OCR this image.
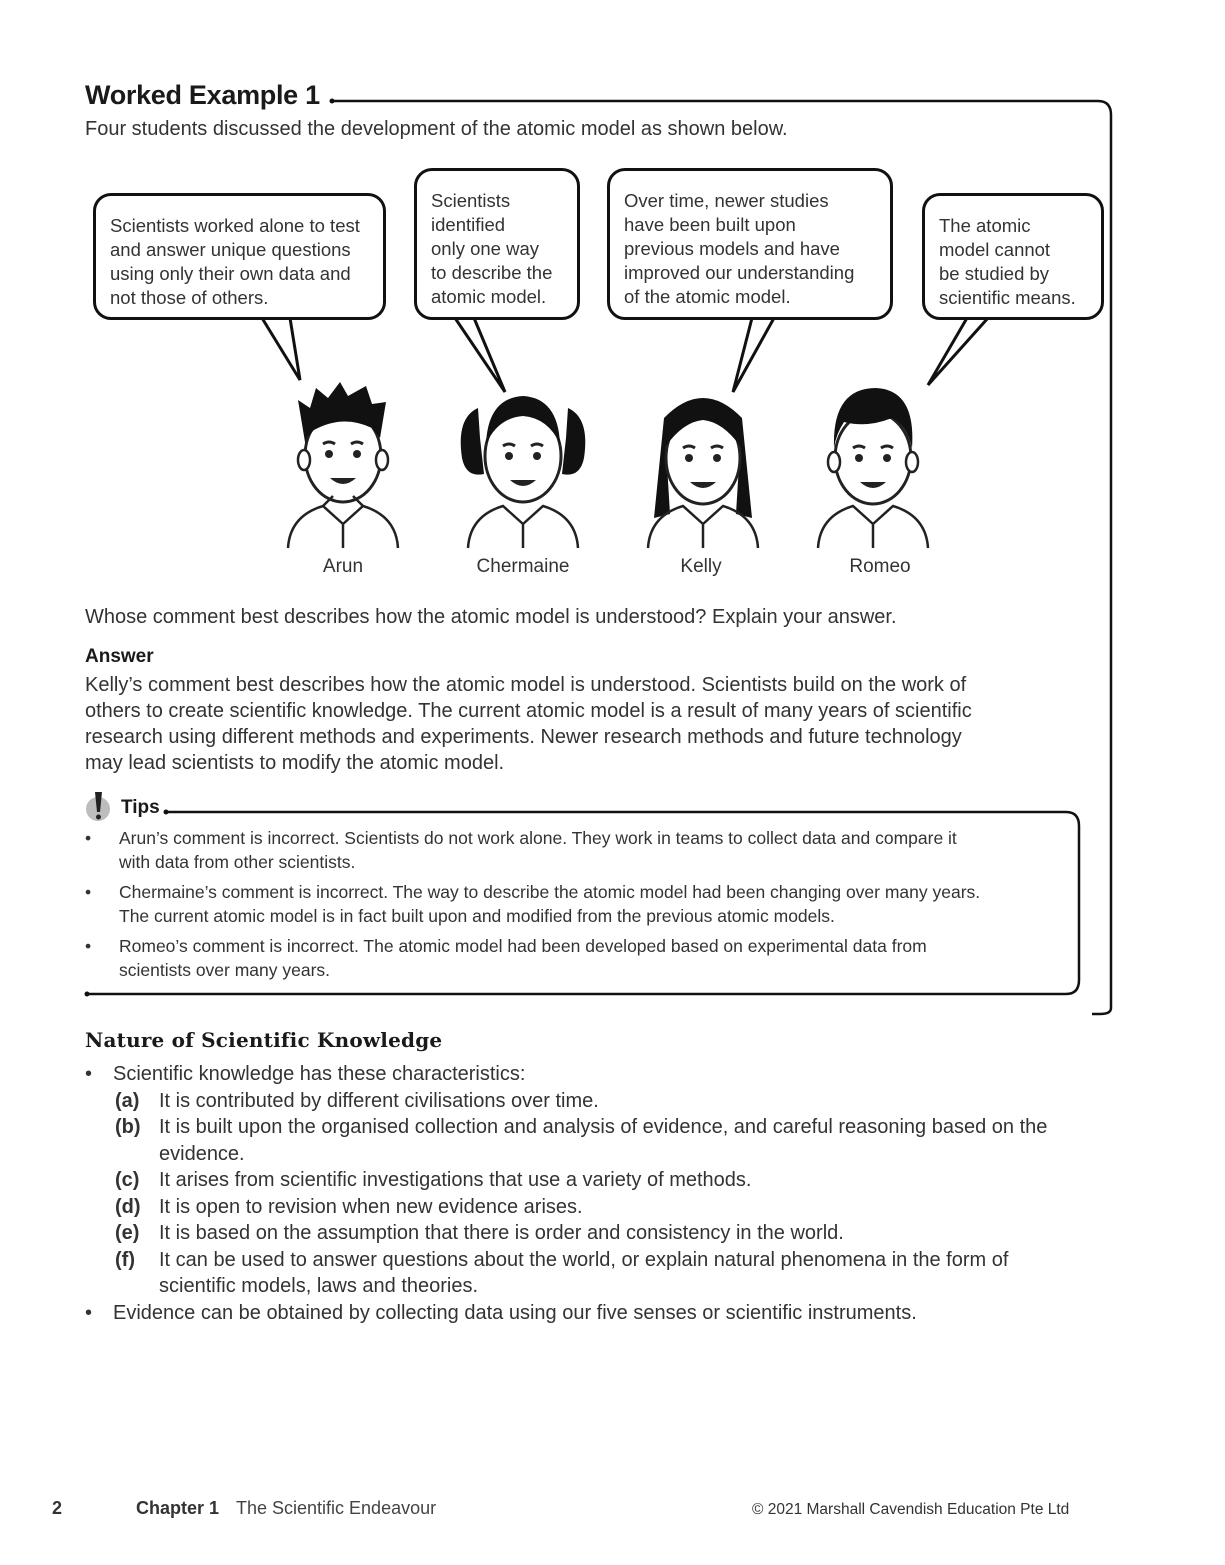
Worked Example 1
Four students discussed the development of the atomic model as shown below.
Scientists worked alone to test
and answer unique questions
using only their own data and
not those of others.
Scientists
identified
only one way
to describe the
atomic model.
Over time, newer studies
have been built upon
previous models and have
improved our understanding
of the atomic model.
The atomic
model cannot
be studied by
scientific means.
Arun	Chermaine	Kelly	Romeo
Whose comment best describes how the atomic model is understood? Explain your answer.
Answer
Kelly’s comment best describes how the atomic model is understood. Scientists build on the work of
others to create scientific knowledge. The current atomic model is a result of many years of scientific
research using different methods and experiments. Newer research methods and future technology
may lead scientists to modify the atomic model.
Tips
• Arun’s comment is incorrect. Scientists do not work alone. They work in teams to collect data and compare it
with data from other scientists.
• Chermaine’s comment is incorrect. The way to describe the atomic model had been changing over many years.
The current atomic model is in fact built upon and modified from the previous atomic models.
• Romeo’s comment is incorrect. The atomic model had been developed based on experimental data from
scientists over many years.
Nature of Scientific Knowledge
• Scientific knowledge has these characteristics:
(a) It is contributed by different civilisations over time.
(b) It is built upon the organised collection and analysis of evidence, and careful reasoning based on the
evidence.
(c) It arises from scientific investigations that use a variety of methods.
(d) It is open to revision when new evidence arises.
(e) It is based on the assumption that there is order and consistency in the world.
(f) It can be used to answer questions about the world, or explain natural phenomena in the form of
scientific models, laws and theories.
• Evidence can be obtained by collecting data using our five senses or scientific instruments.
2	Chapter 1 The Scientific Endeavour	© 2021 Marshall Cavendish Education Pte Ltd
